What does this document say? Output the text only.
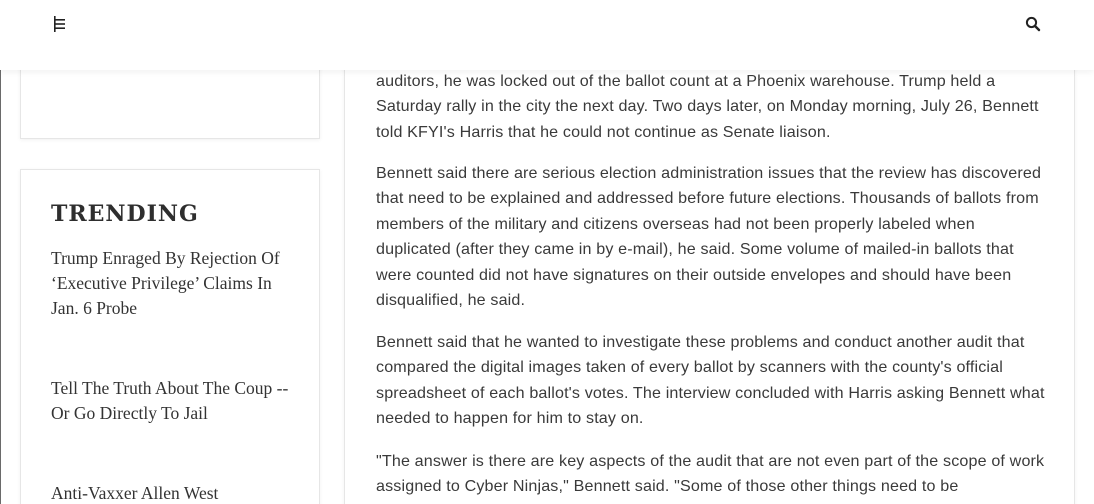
TRENDING
Trump Enraged By Rejection Of ‘Executive Privilege’ Claims In Jan. 6 Probe
Tell The Truth About The Coup -- Or Go Directly To Jail
Anti-Vaxxer Allen West

auditors, he was locked out of the ballot count at a Phoenix warehouse. Trump held a Saturday rally in the city the next day. Two days later, on Monday morning, July 26, Bennett told KFYI's Harris that he could not continue as Senate liaison.

Bennett said there are serious election administration issues that the review has discovered that need to be explained and addressed before future elections. Thousands of ballots from members of the military and citizens overseas had not been properly labeled when duplicated (after they came in by e-mail), he said. Some volume of mailed-in ballots that were counted did not have signatures on their outside envelopes and should have been disqualified, he said.

Bennett said that he wanted to investigate these problems and conduct another audit that compared the digital images taken of every ballot by scanners with the county's official spreadsheet of each ballot's votes. The interview concluded with Harris asking Bennett what needed to happen for him to stay on.

"The answer is there are key aspects of the audit that are not even part of the scope of work assigned to Cyber Ninjas," Bennett said. "Some of those other things need to be
